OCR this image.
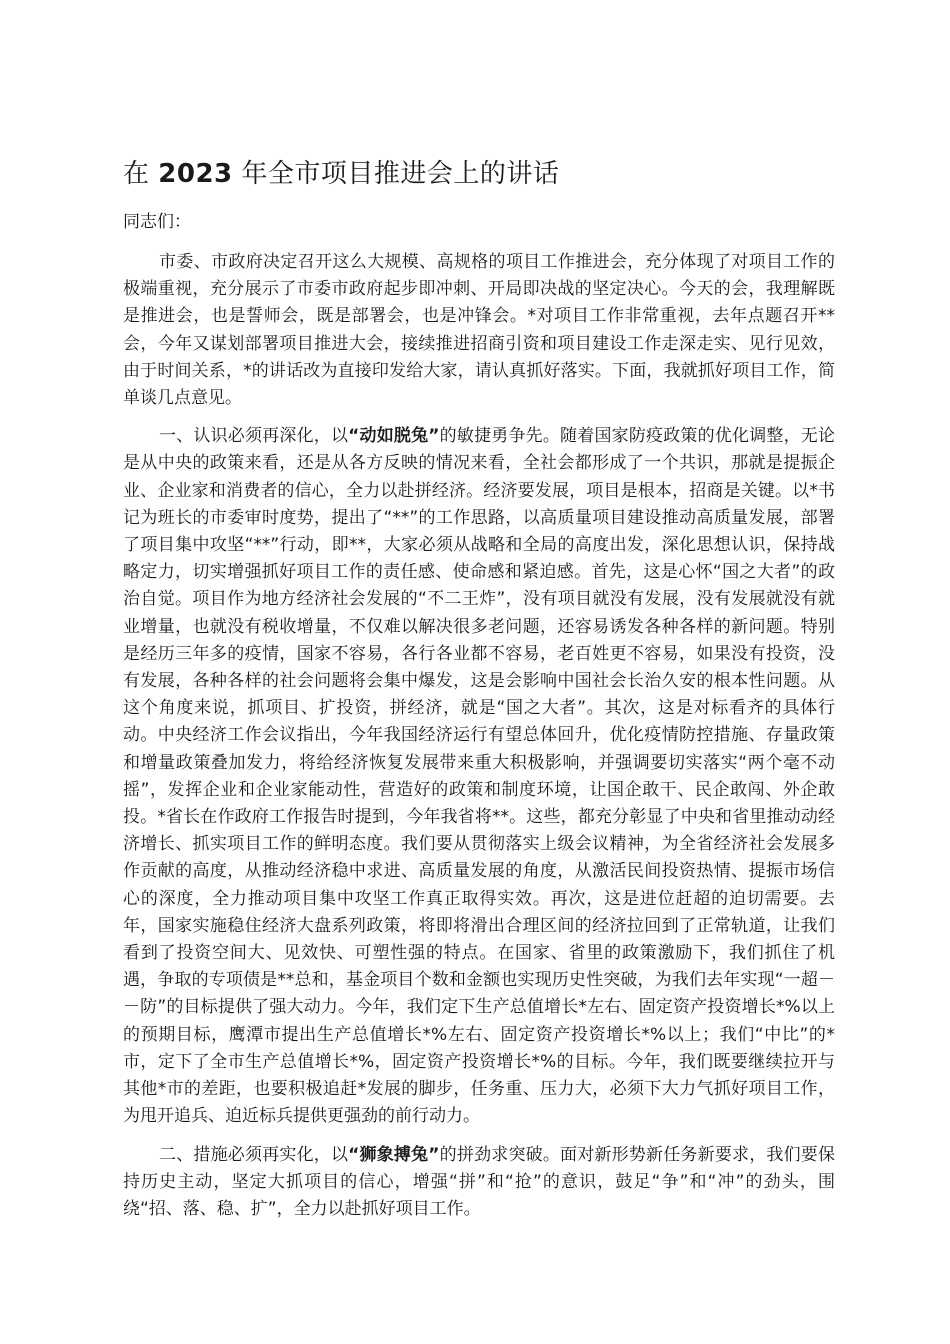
在 2023 年全市项目推进会上的讲话

同志们：

市委、市政府决定召开这么大规模、高规格的项目工作推进会，充分体现了对项目工作的极端重视，充分展示了市委市政府起步即冲刺、开局即决战的坚定决心。今天的会，我理解既是推进会，也是誓师会，既是部署会，也是冲锋会。*对项目工作非常重视，去年点题召开**会，今年又谋划部署项目推进大会，接续推进招商引资和项目建设工作走深走实、见行见效，由于时间关系，*的讲话改为直接印发给大家，请认真抓好落实。下面，我就抓好项目工作，简单谈几点意见。

一、认识必须再深化，以“动如脱兔”的敏捷勇争先。随着国家防疫政策的优化调整，无论是从中央的政策来看，还是从各方反映的情况来看，全社会都形成了一个共识，那就是提振企业、企业家和消费者的信心，全力以赴拼经济。经济要发展，项目是根本，招商是关键。以*书记为班长的市委审时度势，提出了“**”的工作思路，以高质量项目建设推动高质量发展，部署了项目集中攻坚“**”行动，即**，大家必须从战略和全局的高度出发，深化思想认识，保持战略定力，切实增强抓好项目工作的责任感、使命感和紧迫感。首先，这是心怀“国之大者”的政治自觉。项目作为地方经济社会发展的“不二王炸”，没有项目就没有发展，没有发展就没有就业增量，也就没有税收增量，不仅难以解决很多老问题，还容易诱发各种各样的新问题。特别是经历三年多的疫情，国家不容易，各行各业都不容易，老百姓更不容易，如果没有投资，没有发展，各种各样的社会问题将会集中爆发，这是会影响中国社会长治久安的根本性问题。从这个角度来说，抓项目、扩投资，拼经济，就是“国之大者”。其次，这是对标看齐的具体行动。中央经济工作会议指出，今年我国经济运行有望总体回升，优化疫情防控措施、存量政策和增量政策叠加发力，将给经济恢复发展带来重大积极影响，并强调要切实落实“两个毫不动摇”，发挥企业和企业家能动性，营造好的政策和制度环境，让国企敢干、民企敢闯、外企敢投。*省长在作政府工作报告时提到，今年我省将**。这些，都充分彰显了中央和省里推动动经济增长、抓实项目工作的鲜明态度。我们要从贯彻落实上级会议精神，为全省经济社会发展多作贡献的高度，从推动经济稳中求进、高质量发展的角度，从激活民间投资热情、提振市场信心的深度，全力推动项目集中攻坚工作真正取得实效。再次，这是进位赶超的迫切需要。去年，国家实施稳住经济大盘系列政策，将即将滑出合理区间的经济拉回到了正常轨道，让我们看到了投资空间大、见效快、可塑性强的特点。在国家、省里的政策激励下，我们抓住了机遇，争取的专项债是**总和，基金项目个数和金额也实现历史性突破，为我们去年实现“一超－－防”的目标提供了强大动力。今年，我们定下生产总值增长*左右、固定资产投资增长*%以上的预期目标，鹰潭市提出生产总值增长*%左右、固定资产投资增长*%以上；我们“中比”的*市，定下了全市生产总值增长*%，固定资产投资增长*%的目标。今年，我们既要继续拉开与其他*市的差距，也要积极追赶*发展的脚步，任务重、压力大，必须下大力气抓好项目工作，为甩开追兵、迫近标兵提供更强劲的前行动力。

二、措施必须再实化，以“狮象搏兔”的拼劲求突破。面对新形势新任务新要求，我们要保持历史主动，坚定大抓项目的信心，增强“拼”和“抢”的意识，鼓足“争”和“冲”的劲头，围绕“招、落、稳、扩”，全力以赴抓好项目工作。
